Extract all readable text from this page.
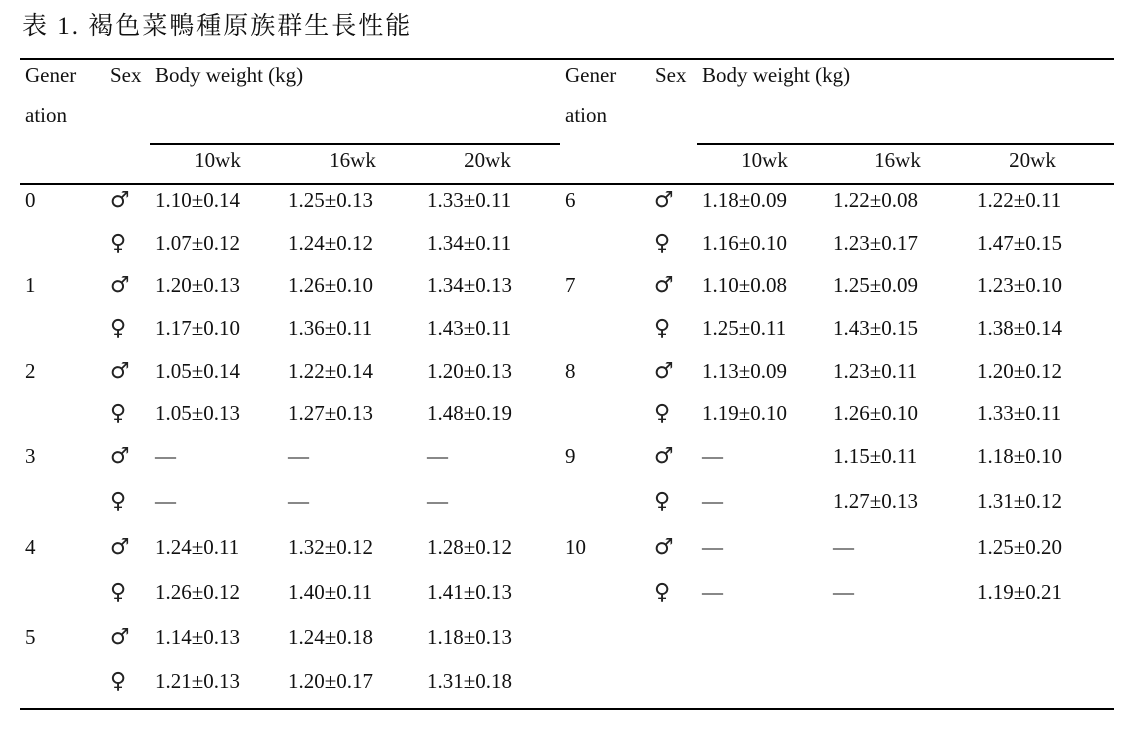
表 1. 褐色菜鴨種原族群生長性能
Gener
ation
Sex Body weight (kg)
10wk	16wk	20wk
0	♂ 1.10±0.14 1.25±0.13	1.33±0.11
♀ 1.07±0.12 1.24±0.12	1.34±0.11
1	♂ 1.20±0.13 1.26±0.10	1.34±0.13
♀ 1.17±0.10 1.36±0.11	1.43±0.11
2	♂ 1.05±0.14 1.22±0.14	1.20±0.13
♀ 1.05±0.13 1.27±0.13	1.48±0.19
3	♂ —	—	—
♀ —	—	—
4	♂ 1.24±0.11 1.32±0.12	1.28±0.12
♀ 1.26±0.12 1.40±0.11	1.41±0.13
5	♂ 1.14±0.13 1.24±0.18	1.18±0.13
♀ 1.21±0.13 1.20±0.17	1.31±0.18
Gener
ation
Sex Body weight (kg)
10wk	16wk	20wk
6	♂ 1.18±0.09 1.22±0.08	1.22±0.11
♀ 1.16±0.10 1.23±0.17	1.47±0.15
7	♂ 1.10±0.08 1.25±0.09	1.23±0.10
♀ 1.25±0.11 1.43±0.15	1.38±0.14
8	♂ 1.13±0.09 1.23±0.11	1.20±0.12
♀ 1.19±0.10 1.26±0.10	1.33±0.11
9	♂ —	1.15±0.11	1.18±0.10
♀ —	1.27±0.13	1.31±0.12
10	♂ —	—	1.25±0.20
♀ —	—	1.19±0.21
